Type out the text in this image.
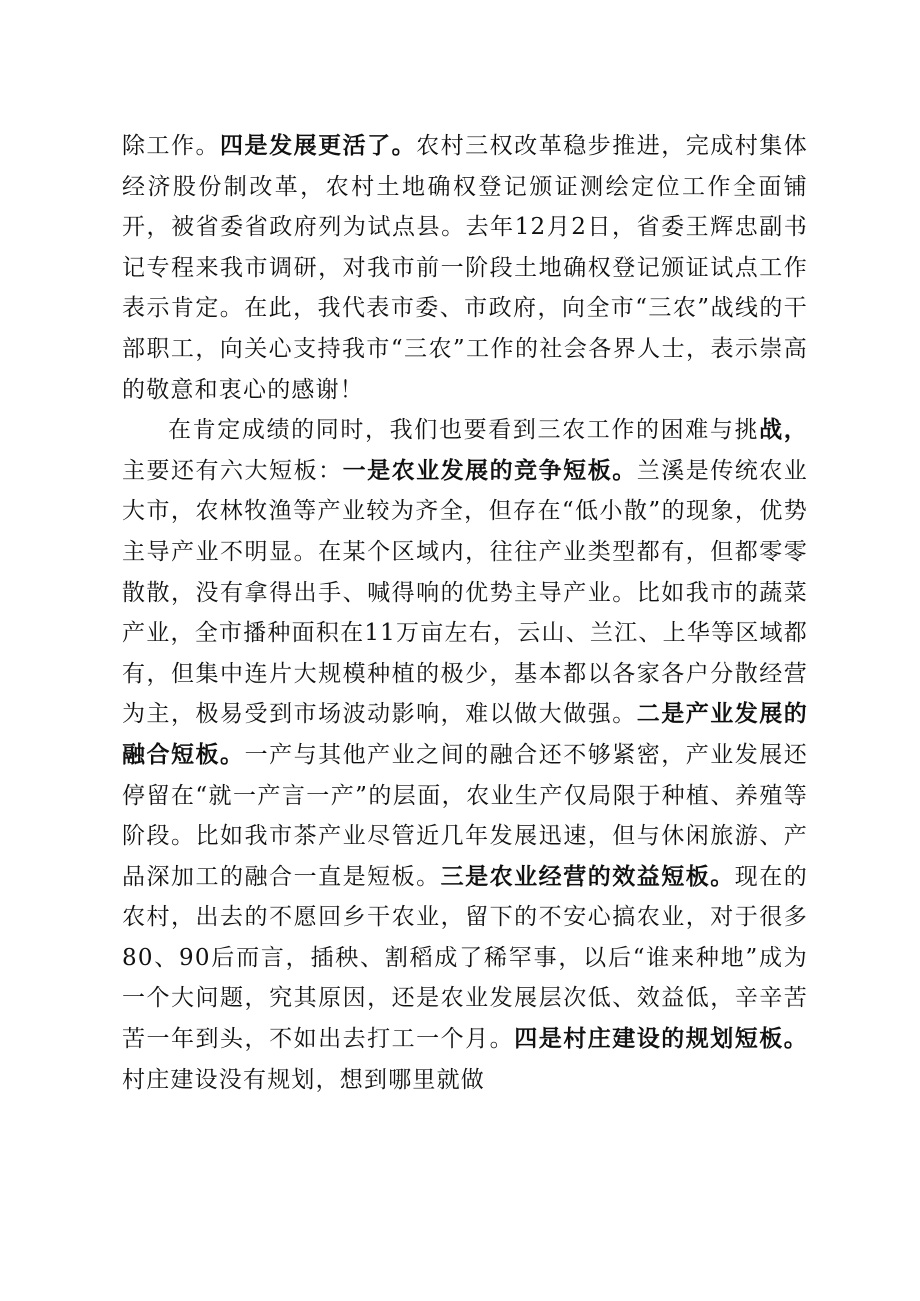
除工作。四是发展更活了。农村三权改革稳步推进，完成村集体经济股份制改革，农村土地确权登记颁证测绘定位工作全面铺开，被省委省政府列为试点县。去年12月2日，省委王辉忠副书记专程来我市调研，对我市前一阶段土地确权登记颁证试点工作表示肯定。在此，我代表市委、市政府，向全市“三农”战线的干部职工，向关心支持我市“三农”工作的社会各界人士，表示崇高的敬意和衷心的感谢！

在肯定成绩的同时，我们也要看到三农工作的困难与挑战，主要还有六大短板：一是农业发展的竞争短板。兰溪是传统农业大市，农林牧渔等产业较为齐全，但存在“低小散”的现象，优势主导产业不明显。在某个区域内，往往产业类型都有，但都零零散散，没有拿得出手、喊得响的优势主导产业。比如我市的蔬菜产业，全市播种面积在11万亩左右，云山、兰江、上华等区域都有，但集中连片大规模种植的极少，基本都以各家各户分散经营为主，极易受到市场波动影响，难以做大做强。二是产业发展的融合短板。一产与其他产业之间的融合还不够紧密，产业发展还停留在“就一产言一产”的层面，农业生产仅局限于种植、养殖等阶段。比如我市茶产业尽管近几年发展迅速，但与休闲旅游、产品深加工的融合一直是短板。三是农业经营的效益短板。现在的农村，出去的不愿回乡干农业，留下的不安心搞农业，对于很多80、90后而言，插秧、割稻成了稀罕事，以后“谁来种地”成为一个大问题，究其原因，还是农业发展层次低、效益低，辛辛苦苦一年到头，不如出去打工一个月。四是村庄建设的规划短板。村庄建设没有规划，想到哪里就做
